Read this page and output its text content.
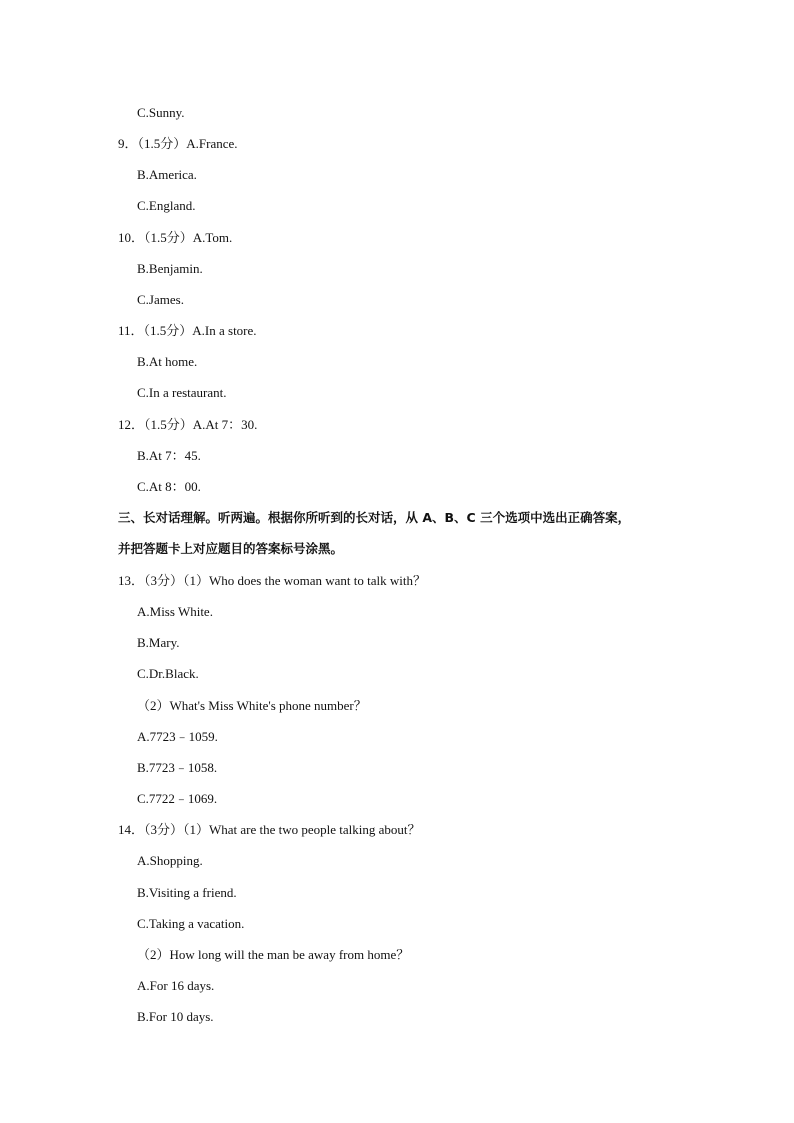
C.Sunny.
9．（1.5分）A.France.
B.America.
C.England.
10．（1.5分）A.Tom.
B.Benjamin.
C.James.
11．（1.5分）A.In a store.
B.At home.
C.In a restaurant.
12．（1.5分）A.At 7：30.
B.At 7：45.
C.At 8：00.
三、长对话理解。听两遍。根据你所听到的长对话，从 A、B、C 三个选项中选出正确答案，
并把答题卡上对应题目的答案标号涂黑。
13．（3分）（1）Who does the woman want to talk with？
A.Miss White.
B.Mary.
C.Dr.Black.
（2）What's Miss White's phone number？
A.7723﹣1059.
B.7723﹣1058.
C.7722﹣1069.
14．（3分）（1）What are the two people talking about？
A.Shopping.
B.Visiting a friend.
C.Taking a vacation.
（2）How long will the man be away from home？
A.For 16 days.
B.For 10 days.
